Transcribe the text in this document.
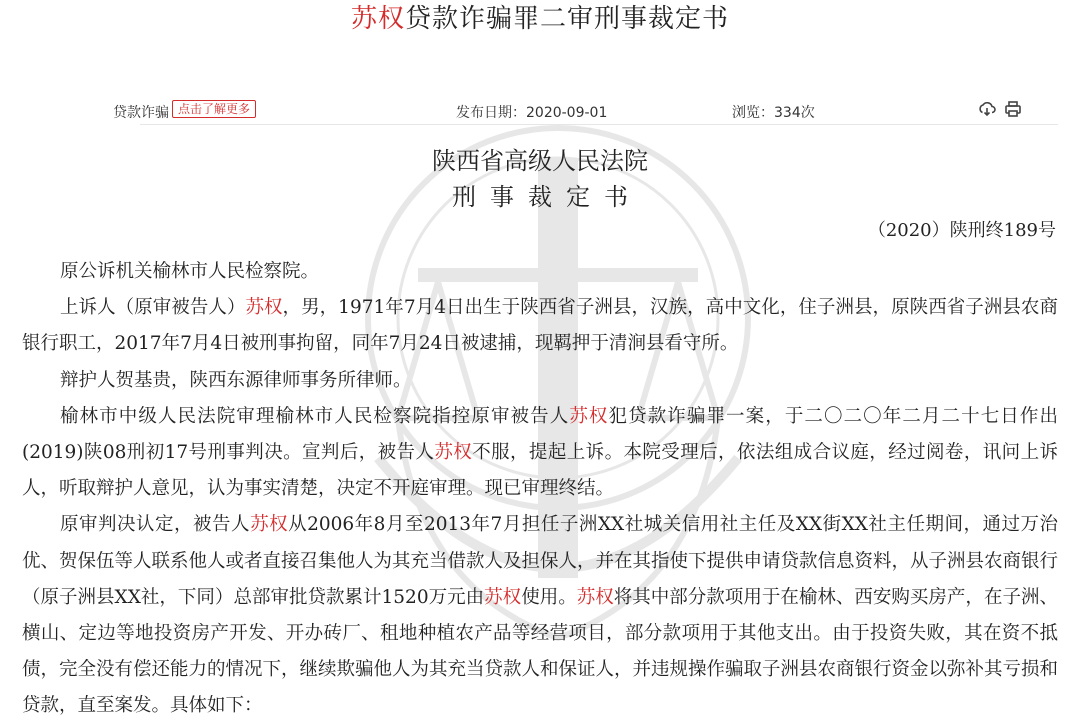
苏权贷款诈骗罪二审刑事裁定书
贷款诈骗 点击了解更多	发布日期：2020-09-01	浏览：334次
陕西省高级人民法院
刑事裁定书
（2020）陕刑终189号

原公诉机关榆林市人民检察院。

上诉人（原审被告人）苏权，男，1971年7月4日出生于陕西省子洲县，汉族，高中文化，住子洲县，原陕西省子洲县农商银行职工，2017年7月4日被刑事拘留，同年7月24日被逮捕，现羁押于清涧县看守所。

辩护人贺基贵，陕西东源律师事务所律师。

榆林市中级人民法院审理榆林市人民检察院指控原审被告人苏权犯贷款诈骗罪一案，于二〇二〇年二月二十七日作出(2019)陕08刑初17号刑事判决。宣判后，被告人苏权不服，提起上诉。本院受理后，依法组成合议庭，经过阅卷，讯问上诉人，听取辩护人意见，认为事实清楚，决定不开庭审理。现已审理终结。

原审判决认定，被告人苏权从2006年8月至2013年7月担任子洲XX社城关信用社主任及XX街XX社主任期间，通过万治优、贺保伍等人联系他人或者直接召集他人为其充当借款人及担保人，并在其指使下提供申请贷款信息资料，从子洲县农商银行（原子洲县XX社，下同）总部审批贷款累计1520万元由苏权使用。苏权将其中部分款项用于在榆林、西安购买房产，在子洲、横山、定边等地投资房产开发、开办砖厂、租地种植农产品等经营项目，部分款项用于其他支出。由于投资失败，其在资不抵债，完全没有偿还能力的情况下，继续欺骗他人为其充当贷款人和保证人，并违规操作骗取子洲县农商银行资金以弥补其亏损和贷款，直至案发。具体如下：
